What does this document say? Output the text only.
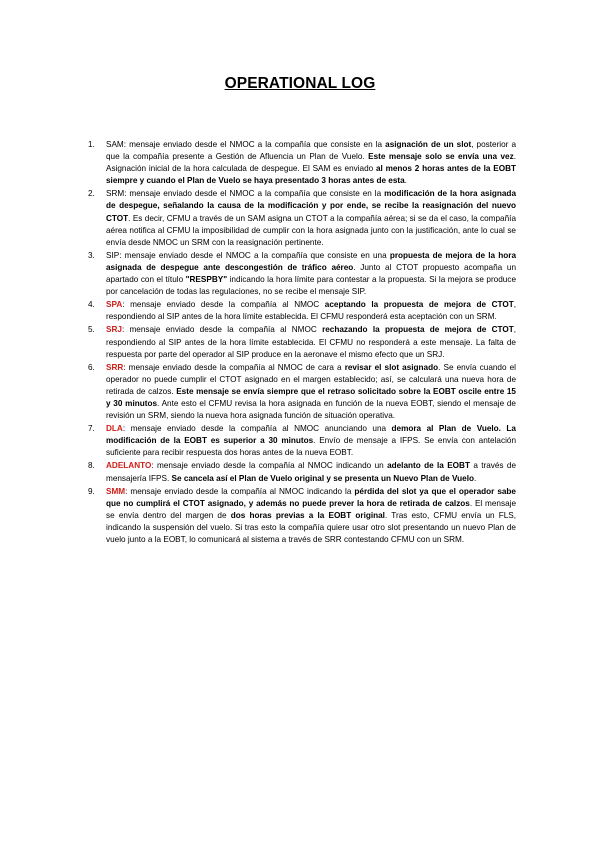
OPERATIONAL LOG
1. SAM: mensaje enviado desde el NMOC a la compañía que consiste en la asignación de un slot, posterior a que la compañía presente a Gestión de Afluencia un Plan de Vuelo. Este mensaje solo se envía una vez. Asignación inicial de la hora calculada de despegue. El SAM es enviado al menos 2 horas antes de la EOBT siempre y cuando el Plan de Vuelo se haya presentado 3 horas antes de esta.
2. SRM: mensaje enviado desde el NMOC a la compañía que consiste en la modificación de la hora asignada de despegue, señalando la causa de la modificación y por ende, se recibe la reasignación del nuevo CTOT. Es decir, CFMU a través de un SAM asigna un CTOT a la compañía aérea; si se da el caso, la compañía aérea notifica al CFMU la imposibilidad de cumplir con la hora asignada junto con la justificación, ante lo cual se envía desde NMOC un SRM con la reasignación pertinente.
3. SIP: mensaje enviado desde el NMOC a la compañía que consiste en una propuesta de mejora de la hora asignada de despegue ante descongestión de tráfico aéreo. Junto al CTOT propuesto acompaña un apartado con el título "RESPBY" indicando la hora límite para contestar a la propuesta. Si la mejora se produce por cancelación de todas las regulaciones, no se recibe el mensaje SIP.
4. SPA: mensaje enviado desde la compañía al NMOC aceptando la propuesta de mejora de CTOT, respondiendo al SIP antes de la hora límite establecida. El CFMU responderá esta aceptación con un SRM.
5. SRJ: mensaje enviado desde la compañía al NMOC rechazando la propuesta de mejora de CTOT, respondiendo al SIP antes de la hora límite establecida. El CFMU no responderá a este mensaje. La falta de respuesta por parte del operador al SIP produce en la aeronave el mismo efecto que un SRJ.
6. SRR: mensaje enviado desde la compañía al NMOC de cara a revisar el slot asignado. Se envía cuando el operador no puede cumplir el CTOT asignado en el margen establecido; así, se calculará una nueva hora de retirada de calzos. Este mensaje se envía siempre que el retraso solicitado sobre la EOBT oscile entre 15 y 30 minutos. Ante esto el CFMU revisa la hora asignada en función de la nueva EOBT, siendo el mensaje de revisión un SRM, siendo la nueva hora asignada función de situación operativa.
7. DLA: mensaje enviado desde la compañía al NMOC anunciando una demora al Plan de Vuelo. La modificación de la EOBT es superior a 30 minutos. Envío de mensaje a IFPS. Se envía con antelación suficiente para recibir respuesta dos horas antes de la nueva EOBT.
8. ADELANTO: mensaje enviado desde la compañía al NMOC indicando un adelanto de la EOBT a través de mensajería IFPS. Se cancela así el Plan de Vuelo original y se presenta un Nuevo Plan de Vuelo.
9. SMM: mensaje enviado desde la compañía al NMOC indicando la pérdida del slot ya que el operador sabe que no cumplirá el CTOT asignado, y además no puede prever la hora de retirada de calzos. El mensaje se envía dentro del margen de dos horas previas a la EOBT original. Tras esto, CFMU envía un FLS, indicando la suspensión del vuelo. Si tras esto la compañía quiere usar otro slot presentando un nuevo Plan de vuelo junto a la EOBT, lo comunicará al sistema a través de SRR contestando CFMU con un SRM.
